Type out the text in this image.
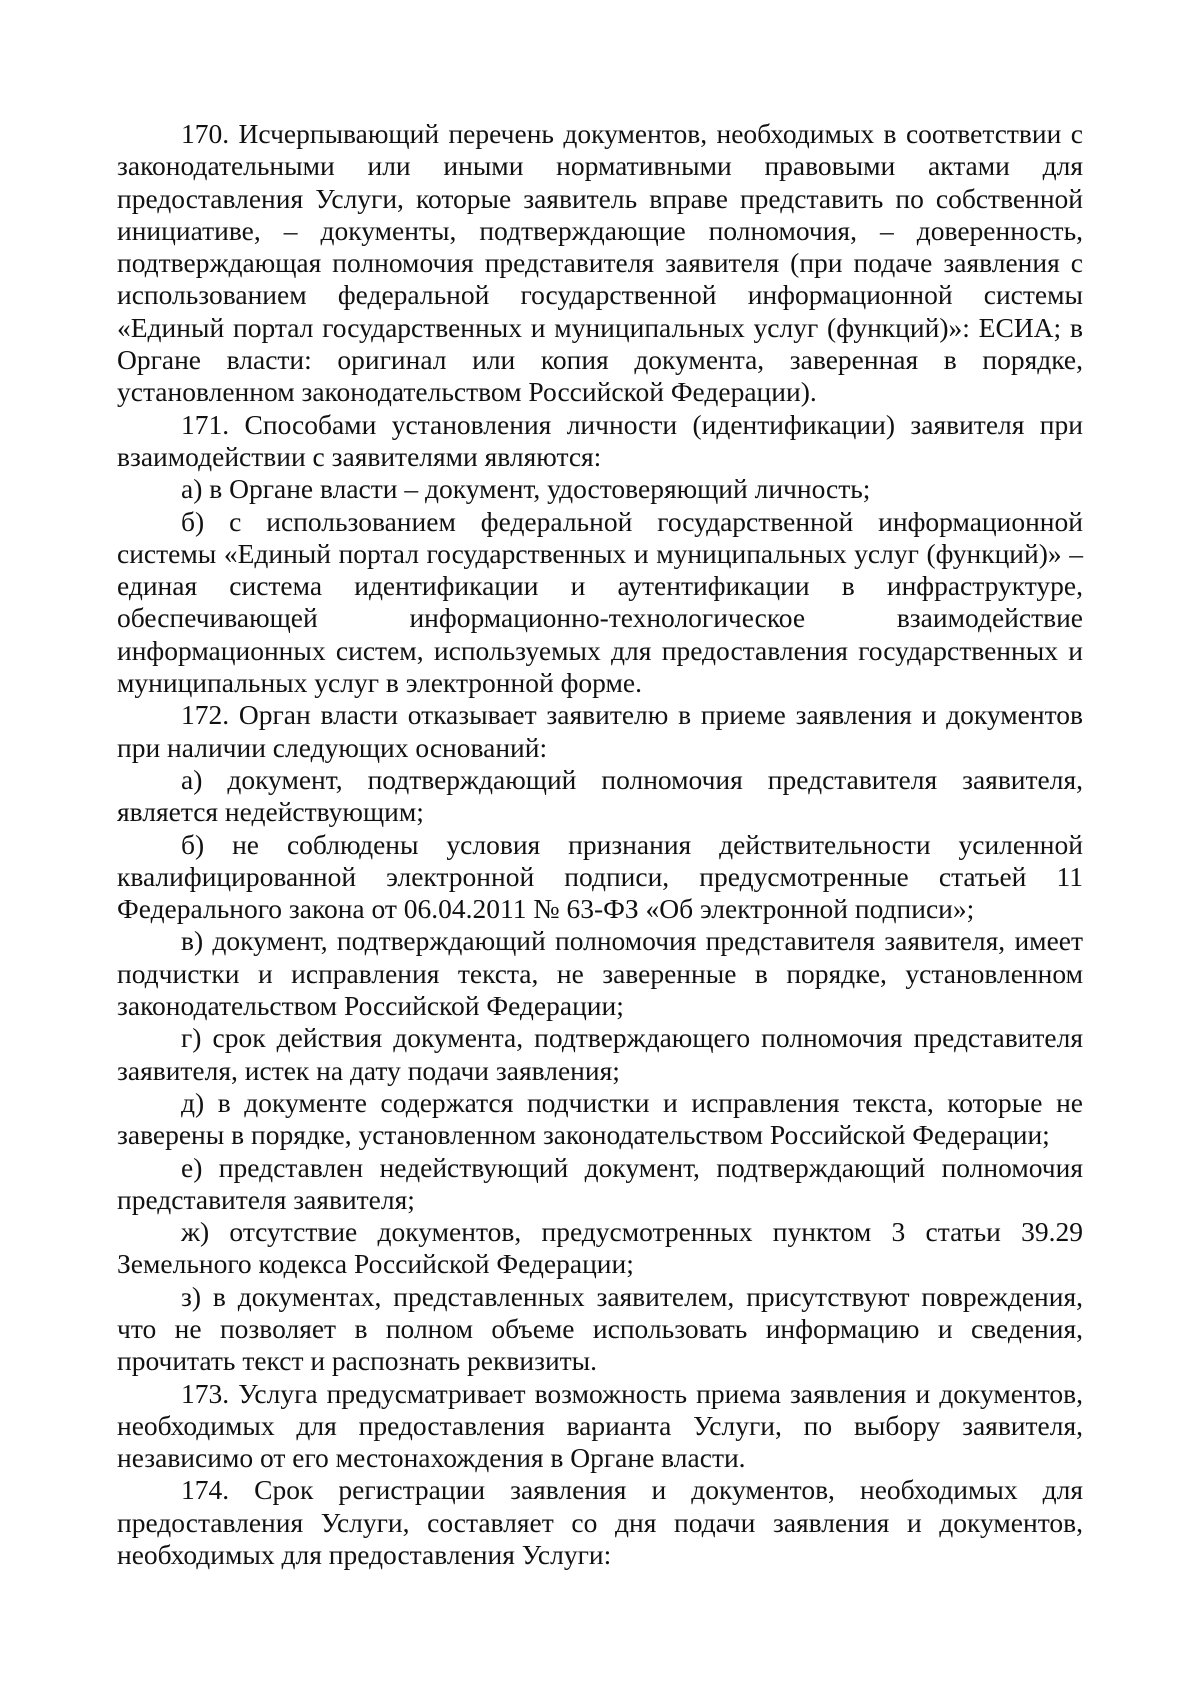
170. Исчерпывающий перечень документов, необходимых в соответствии с законодательными или иными нормативными правовыми актами для предоставления Услуги, которые заявитель вправе представить по собственной инициативе, – документы, подтверждающие полномочия, – доверенность, подтверждающая полномочия представителя заявителя (при подаче заявления с использованием федеральной государственной информационной системы «Единый портал государственных и муниципальных услуг (функций)»: ЕСИА; в Органе власти: оригинал или копия документа, заверенная в порядке, установленном законодательством Российской Федерации).

171. Способами установления личности (идентификации) заявителя при взаимодействии с заявителями являются:

а) в Органе власти – документ, удостоверяющий личность;

б) с использованием федеральной государственной информационной системы «Единый портал государственных и муниципальных услуг (функций)» – единая система идентификации и аутентификации в инфраструктуре, обеспечивающей информационно-технологическое взаимодействие информационных систем, используемых для предоставления государственных и муниципальных услуг в электронной форме.

172. Орган власти отказывает заявителю в приеме заявления и документов при наличии следующих оснований:

а) документ, подтверждающий полномочия представителя заявителя, является недействующим;

б) не соблюдены условия признания действительности усиленной квалифицированной электронной подписи, предусмотренные статьей 11 Федерального закона от 06.04.2011 № 63-ФЗ «Об электронной подписи»;

в) документ, подтверждающий полномочия представителя заявителя, имеет подчистки и исправления текста, не заверенные в порядке, установленном законодательством Российской Федерации;

г) срок действия документа, подтверждающего полномочия представителя заявителя, истек на дату подачи заявления;

д) в документе содержатся подчистки и исправления текста, которые не заверены в порядке, установленном законодательством Российской Федерации;

е) представлен недействующий документ, подтверждающий полномочия представителя заявителя;

ж) отсутствие документов, предусмотренных пунктом 3 статьи 39.29 Земельного кодекса Российской Федерации;

з) в документах, представленных заявителем, присутствуют повреждения, что не позволяет в полном объеме использовать информацию и сведения, прочитать текст и распознать реквизиты.

173. Услуга предусматривает возможность приема заявления и документов, необходимых для предоставления варианта Услуги, по выбору заявителя, независимо от его местонахождения в Органе власти.

174. Срок регистрации заявления и документов, необходимых для предоставления Услуги, составляет со дня подачи заявления и документов, необходимых для предоставления Услуги:
